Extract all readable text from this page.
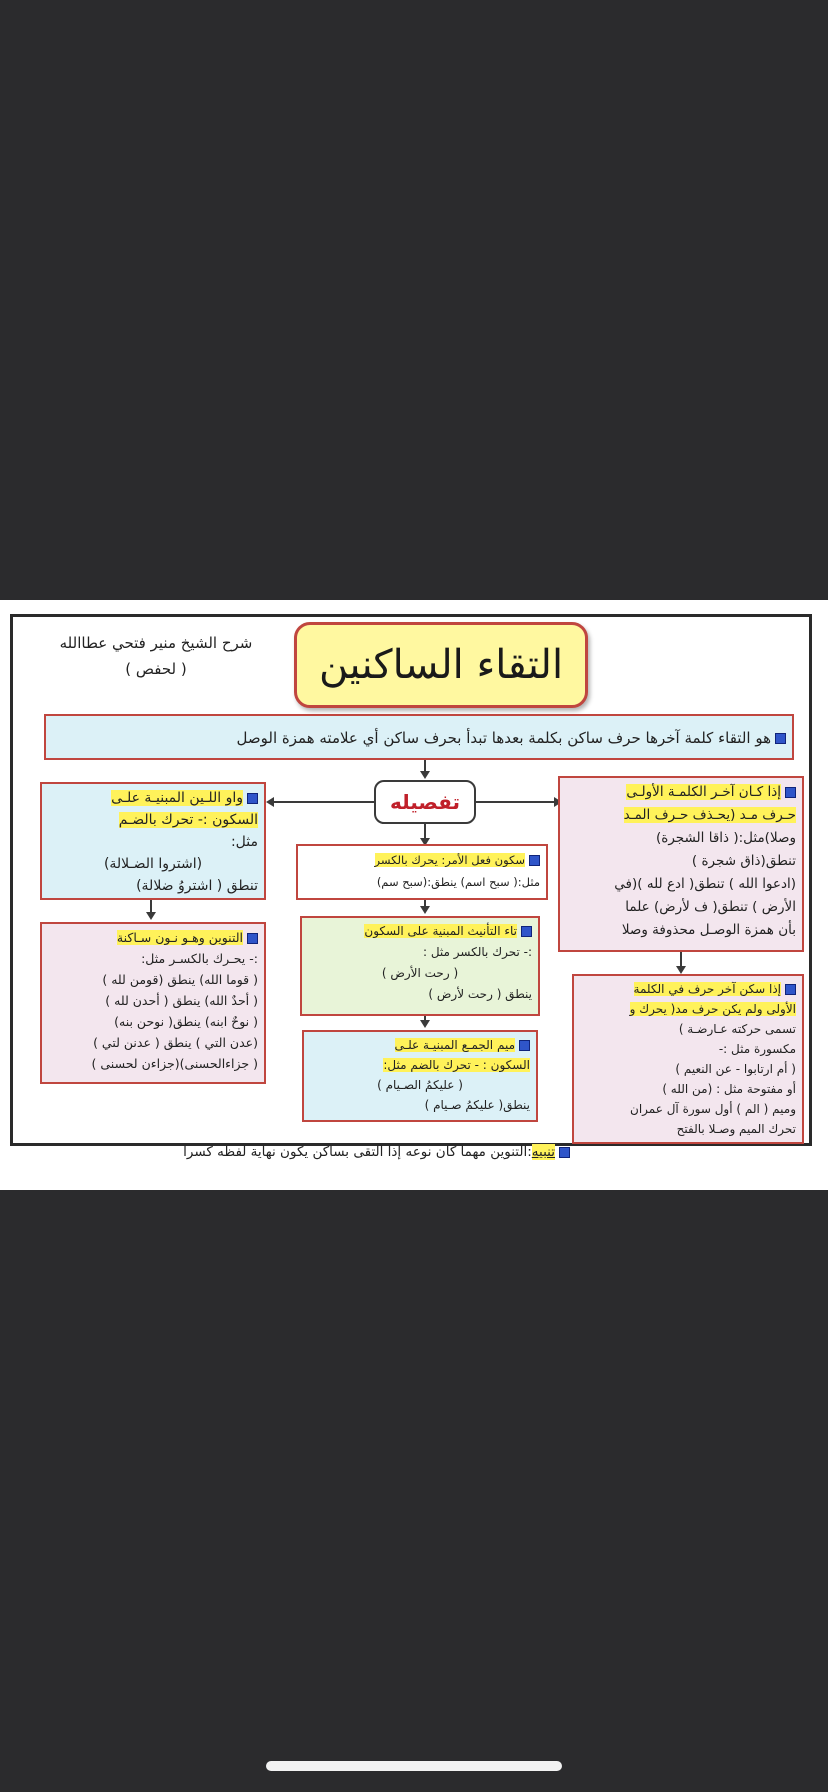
التقاء الساكنين
شرح الشيخ منير فتحي عطاالله
( لحفص )
هو التقاء كلمة آخرها حرف ساكن بكلمة بعدها تبدأ بحرف ساكن أي علامته همزة الوصل
تفصيله	إذا كـان آخـر الكلمـة الأولـى
حـرف مـد (يحـذف حـرف المـد
وصلا)مثل:( ذاقا الشجرة)
تنطق(ذاق شجرة )
(ادعوا الله ) تنطق( ادع لله )(في
الأرض ) تنطق( ف لأرض) علما
بأن همزة الوصـل محذوفة وصلا
إذا سكن آخر حرف في الكلمة
الأولى ولم يكن حرف مد( يحرك و
تسمى حركته عـارضـة )
مكسورة مثل :-
( أم ارتابوا - عن النعيم )
أو مفتوحة مثل : (من الله )
وميم ( الم ) أول سورة آل عمران
تحرك الميم وصـلا بالفتح
واو اللـين المبنيـة علـى
السكون :- تحرك بالضـم
مثل:
(اشتروا الضـلالة)
تنطق ( اشتروُ ضلالة)
التنوين وهـو نـون سـاكنة
:- يحـرك بالكسـر مثل:
( قوما الله) ينطق (قومن لله )
( أحدٌ الله) ينطق ( أحدن لله )
( نوحٌ ابنه) ينطق( نوحن بنه)
(عدن التي ) ينطق ( عدنن لتي )
( جزاءالحسنى)(جزاءن لحسنى )
سكون فعل الأمر: يحرك بالكسر
مثل:( سبح اسم) ينطق:(سبح سم)
تاء التأنيث المبنية على السكون
:- تحرك بالكسر مثل :
( رحت الأرض )
ينطق ( رحت لأرض )
ميم الجمـع المبنيـة علـى
السكون : - تحرك بالضم مثل:
( عليكمُ الصـيام )
ينطق( عليكمُ صـيام )
تنبيه:التنوين مهما كان نوعه إذا التقى بساكن يكون نهاية لفظه كسرا
